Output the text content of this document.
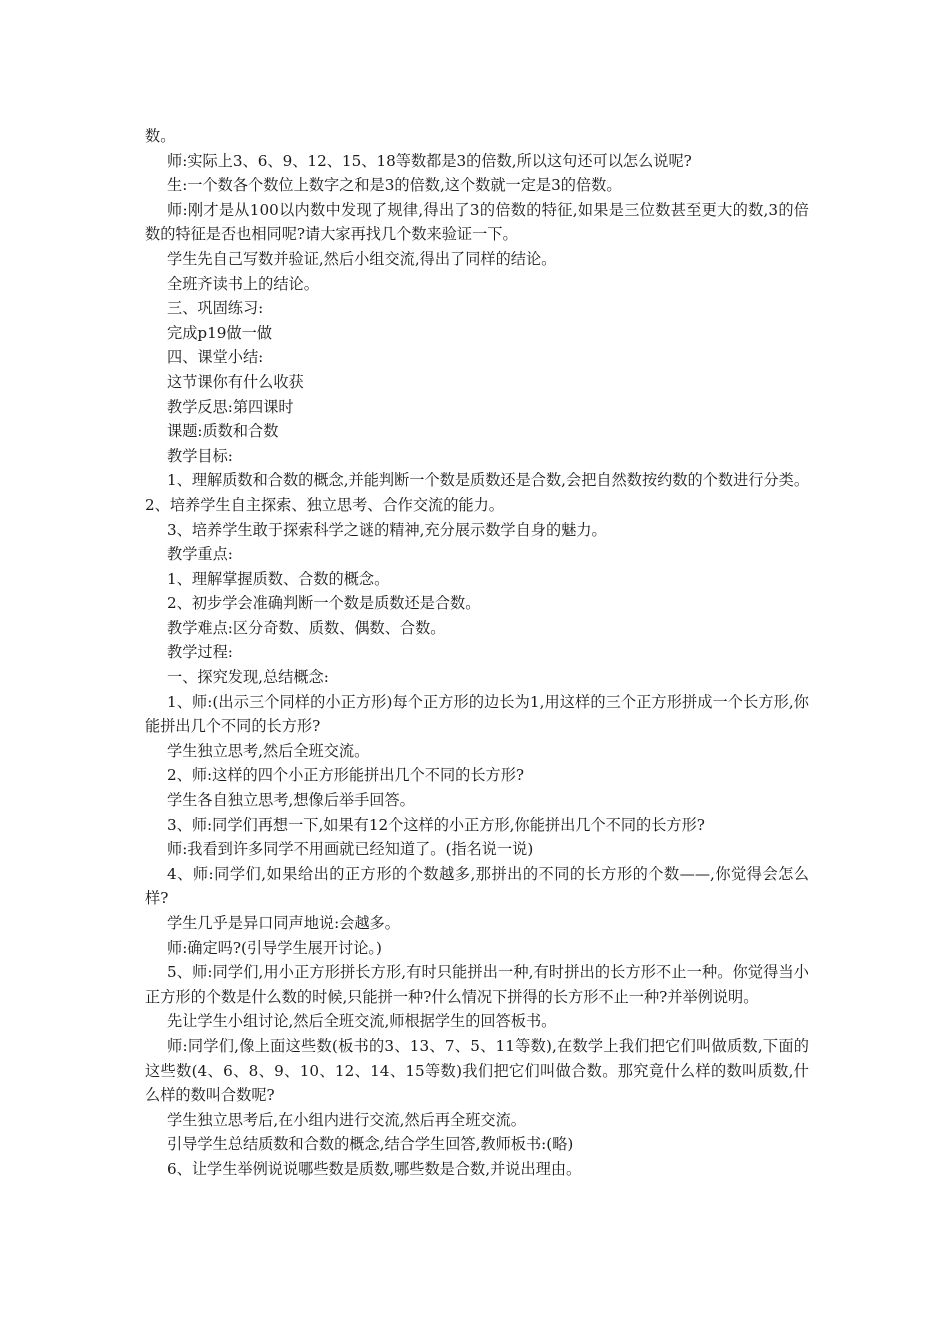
数。

师:实际上3、6、9、12、15、18等数都是3的倍数,所以这句还可以怎么说呢?

生:一个数各个数位上数字之和是3的倍数,这个数就一定是3的倍数。

师:刚才是从100以内数中发现了规律,得出了3的倍数的特征,如果是三位数甚至更大的数,3的倍数的特征是否也相同呢?请大家再找几个数来验证一下。

学生先自己写数并验证,然后小组交流,得出了同样的结论。

全班齐读书上的结论。

三、巩固练习:

完成p19做一做

四、课堂小结:

这节课你有什么收获

教学反思:第四课时

课题:质数和合数

教学目标:

1、理解质数和合数的概念,并能判断一个数是质数还是合数,会把自然数按约数的个数进行分类。2、培养学生自主探索、独立思考、合作交流的能力。

3、培养学生敢于探索科学之谜的精神,充分展示数学自身的魅力。

教学重点:

1、理解掌握质数、合数的概念。

2、初步学会准确判断一个数是质数还是合数。

教学难点:区分奇数、质数、偶数、合数。

教学过程:

一、探究发现,总结概念:

1、师:(出示三个同样的小正方形)每个正方形的边长为1,用这样的三个正方形拼成一个长方形,你能拼出几个不同的长方形?

学生独立思考,然后全班交流。

2、师:这样的四个小正方形能拼出几个不同的长方形?

学生各自独立思考,想像后举手回答。

3、师:同学们再想一下,如果有12个这样的小正方形,你能拼出几个不同的长方形?

师:我看到许多同学不用画就已经知道了。(指名说一说)

4、师:同学们,如果给出的正方形的个数越多,那拼出的不同的长方形的个数——,你觉得会怎么样?

学生几乎是异口同声地说:会越多。

师:确定吗?(引导学生展开讨论。)

5、师:同学们,用小正方形拼长方形,有时只能拼出一种,有时拼出的长方形不止一种。你觉得当小正方形的个数是什么数的时候,只能拼一种?什么情况下拼得的长方形不止一种?并举例说明。

先让学生小组讨论,然后全班交流,师根据学生的回答板书。

师:同学们,像上面这些数(板书的3、13、7、5、11等数),在数学上我们把它们叫做质数,下面的这些数(4、6、8、9、10、12、14、15等数)我们把它们叫做合数。那究竟什么样的数叫质数,什么样的数叫合数呢?

学生独立思考后,在小组内进行交流,然后再全班交流。

引导学生总结质数和合数的概念,结合学生回答,教师板书:(略)

6、让学生举例说说哪些数是质数,哪些数是合数,并说出理由。
